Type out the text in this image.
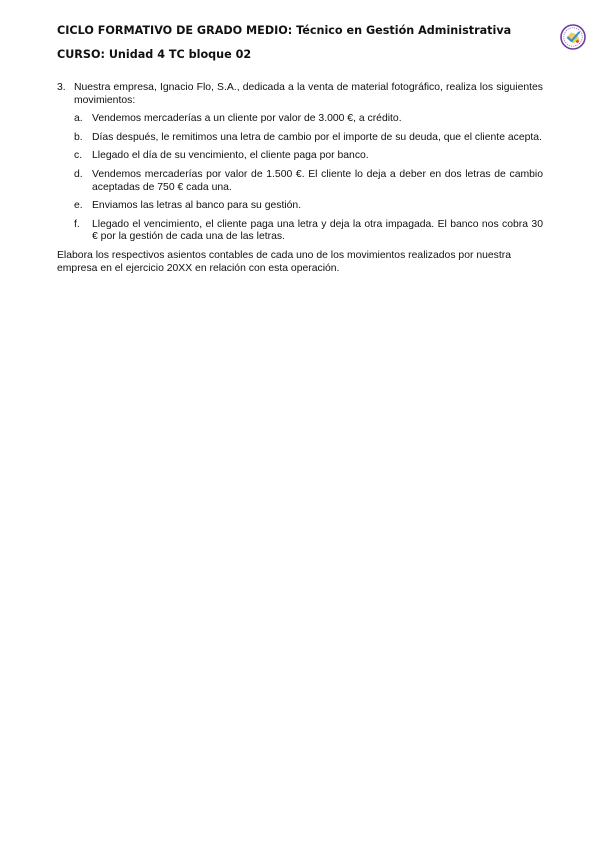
CICLO FORMATIVO DE GRADO MEDIO: Técnico en Gestión Administrativa
CURSO: Unidad 4 TC bloque 02
3. Nuestra empresa, Ignacio Flo, S.A., dedicada a la venta de material fotográfico, realiza los siguientes movimientos:
a. Vendemos mercaderías a un cliente por valor de 3.000 €, a crédito.
b. Días después, le remitimos una letra de cambio por el importe de su deuda, que el cliente acepta.
c. Llegado el día de su vencimiento, el cliente paga por banco.
d. Vendemos mercaderías por valor de 1.500 €. El cliente lo deja a deber en dos letras de cambio aceptadas de 750 € cada una.
e. Enviamos las letras al banco para su gestión.
f.	Llegado el vencimiento, el cliente paga una letra y deja la otra impagada. El banco nos cobra 30 € por la gestión de cada una de las letras.
Elabora los respectivos asientos contables de cada uno de los movimientos realizados por nuestra empresa en el ejercicio 20XX en relación con esta operación.
